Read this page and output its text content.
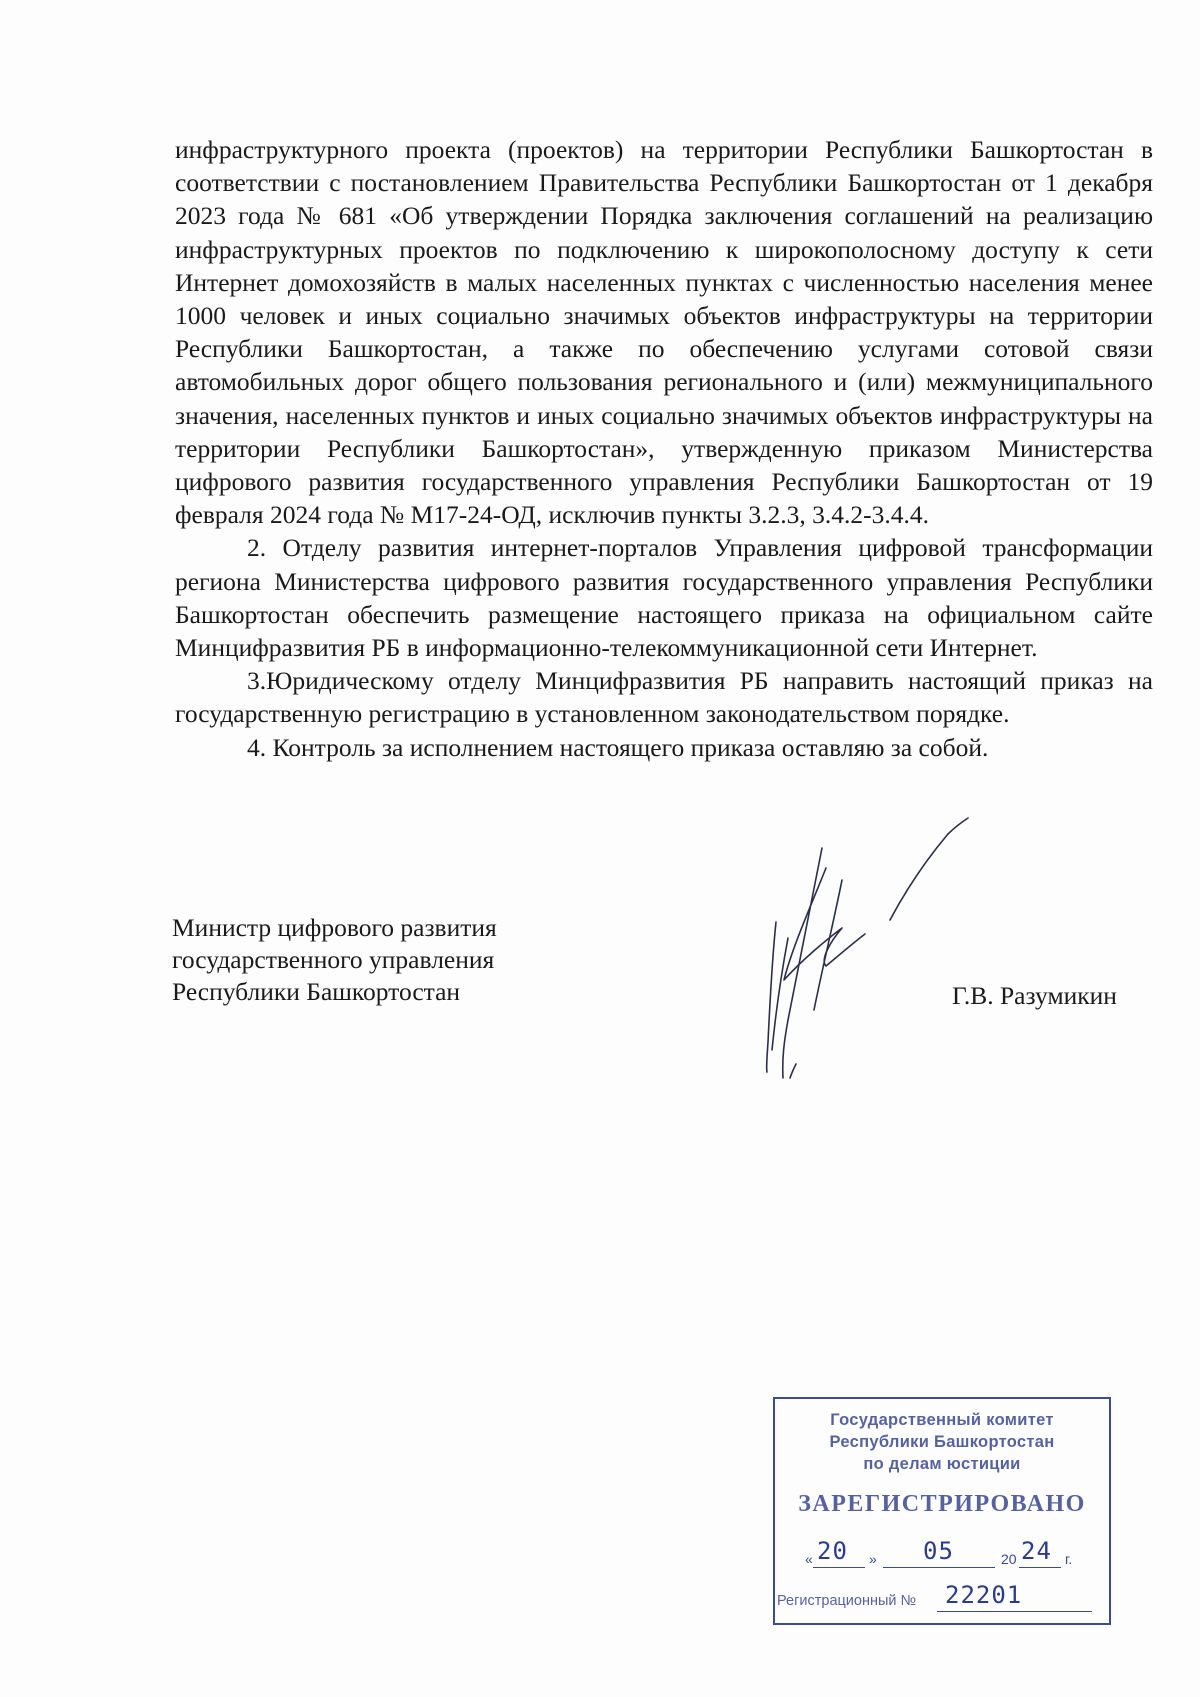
инфраструктурного проекта (проектов) на территории Республики Башкортостан в соответствии с постановлением Правительства Республики Башкортостан от 1 декабря 2023 года № 681 «Об утверждении Порядка заключения соглашений на реализацию инфраструктурных проектов по подключению к широкополосному доступу к сети Интернет домохозяйств в малых населенных пунктах с численностью населения менее 1000 человек и иных социально значимых объектов инфраструктуры на территории Республики Башкортостан, а также по обеспечению услугами сотовой связи автомобильных дорог общего пользования регионального и (или) межмуниципального значения, населенных пунктов и иных социально значимых объектов инфраструктуры на территории Республики Башкортостан», утвержденную приказом Министерства цифрового развития государственного управления Республики Башкортостан от 19 февраля 2024 года № М17-24-ОД, исключив пункты 3.2.3, 3.4.2-3.4.4.

2. Отделу развития интернет-порталов Управления цифровой трансформации региона Министерства цифрового развития государственного управления Республики Башкортостан обеспечить размещение настоящего приказа на официальном сайте Минцифразвития РБ в информационно-телекоммуникационной сети Интернет.

3.Юридическому отделу Минцифразвития РБ направить настоящий приказ на государственную регистрацию в установленном законодательством порядке.

4. Контроль за исполнением настоящего приказа оставляю за собой.

Министр цифрового развития
государственного управления
Республики Башкортостан	Г.В. Разумикин
Государственный комитет
Республики Башкортостан
по делам юстиции
ЗАРЕГИСТРИРОВАНО
« 20 » 05	20 24 г.
Регистрационный № 22201
